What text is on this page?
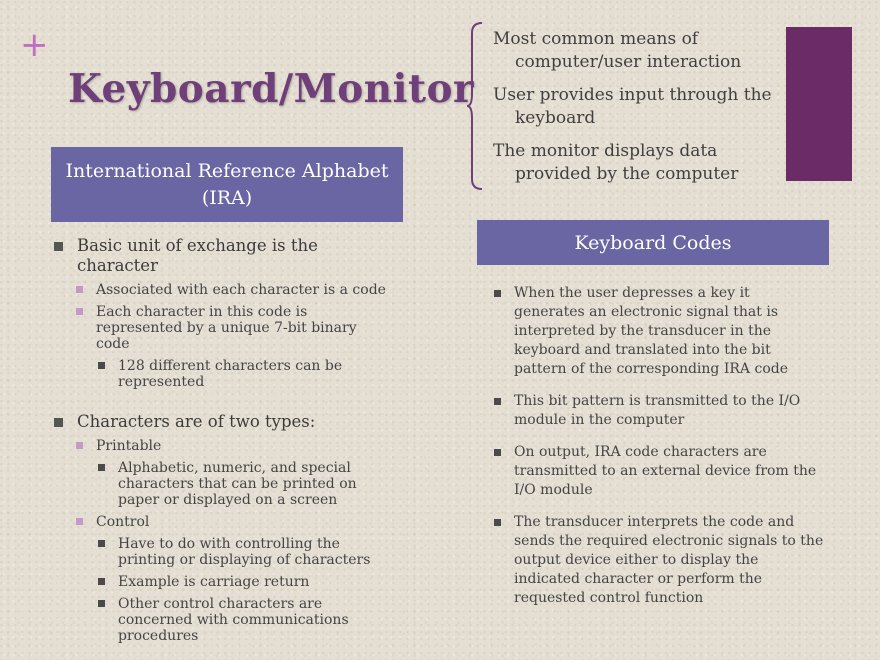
+
Keyboard/Monitor
Most common means of computer/user interaction
User provides input through the keyboard
The monitor displays data provided by the computer
International Reference Alphabet (IRA)
Keyboard Codes
Basic unit of exchange is the character
Associated with each character is a code
Each character in this code is represented by a unique 7-bit binary code
128 different characters can be represented
Characters are of two types:
Printable
Alphabetic, numeric, and special characters that can be printed on paper or displayed on a screen
Control
Have to do with controlling the printing or displaying of characters
Example is carriage return
Other control characters are concerned with communications procedures
When the user depresses a key it generates an electronic signal that is interpreted by the transducer in the keyboard and translated into the bit pattern of the corresponding IRA code
This bit pattern is transmitted to the I/O module in the computer
On output, IRA code characters are transmitted to an external device from the I/O module
The transducer interprets the code and sends the required electronic signals to the output device either to display the indicated character or perform the requested control function
